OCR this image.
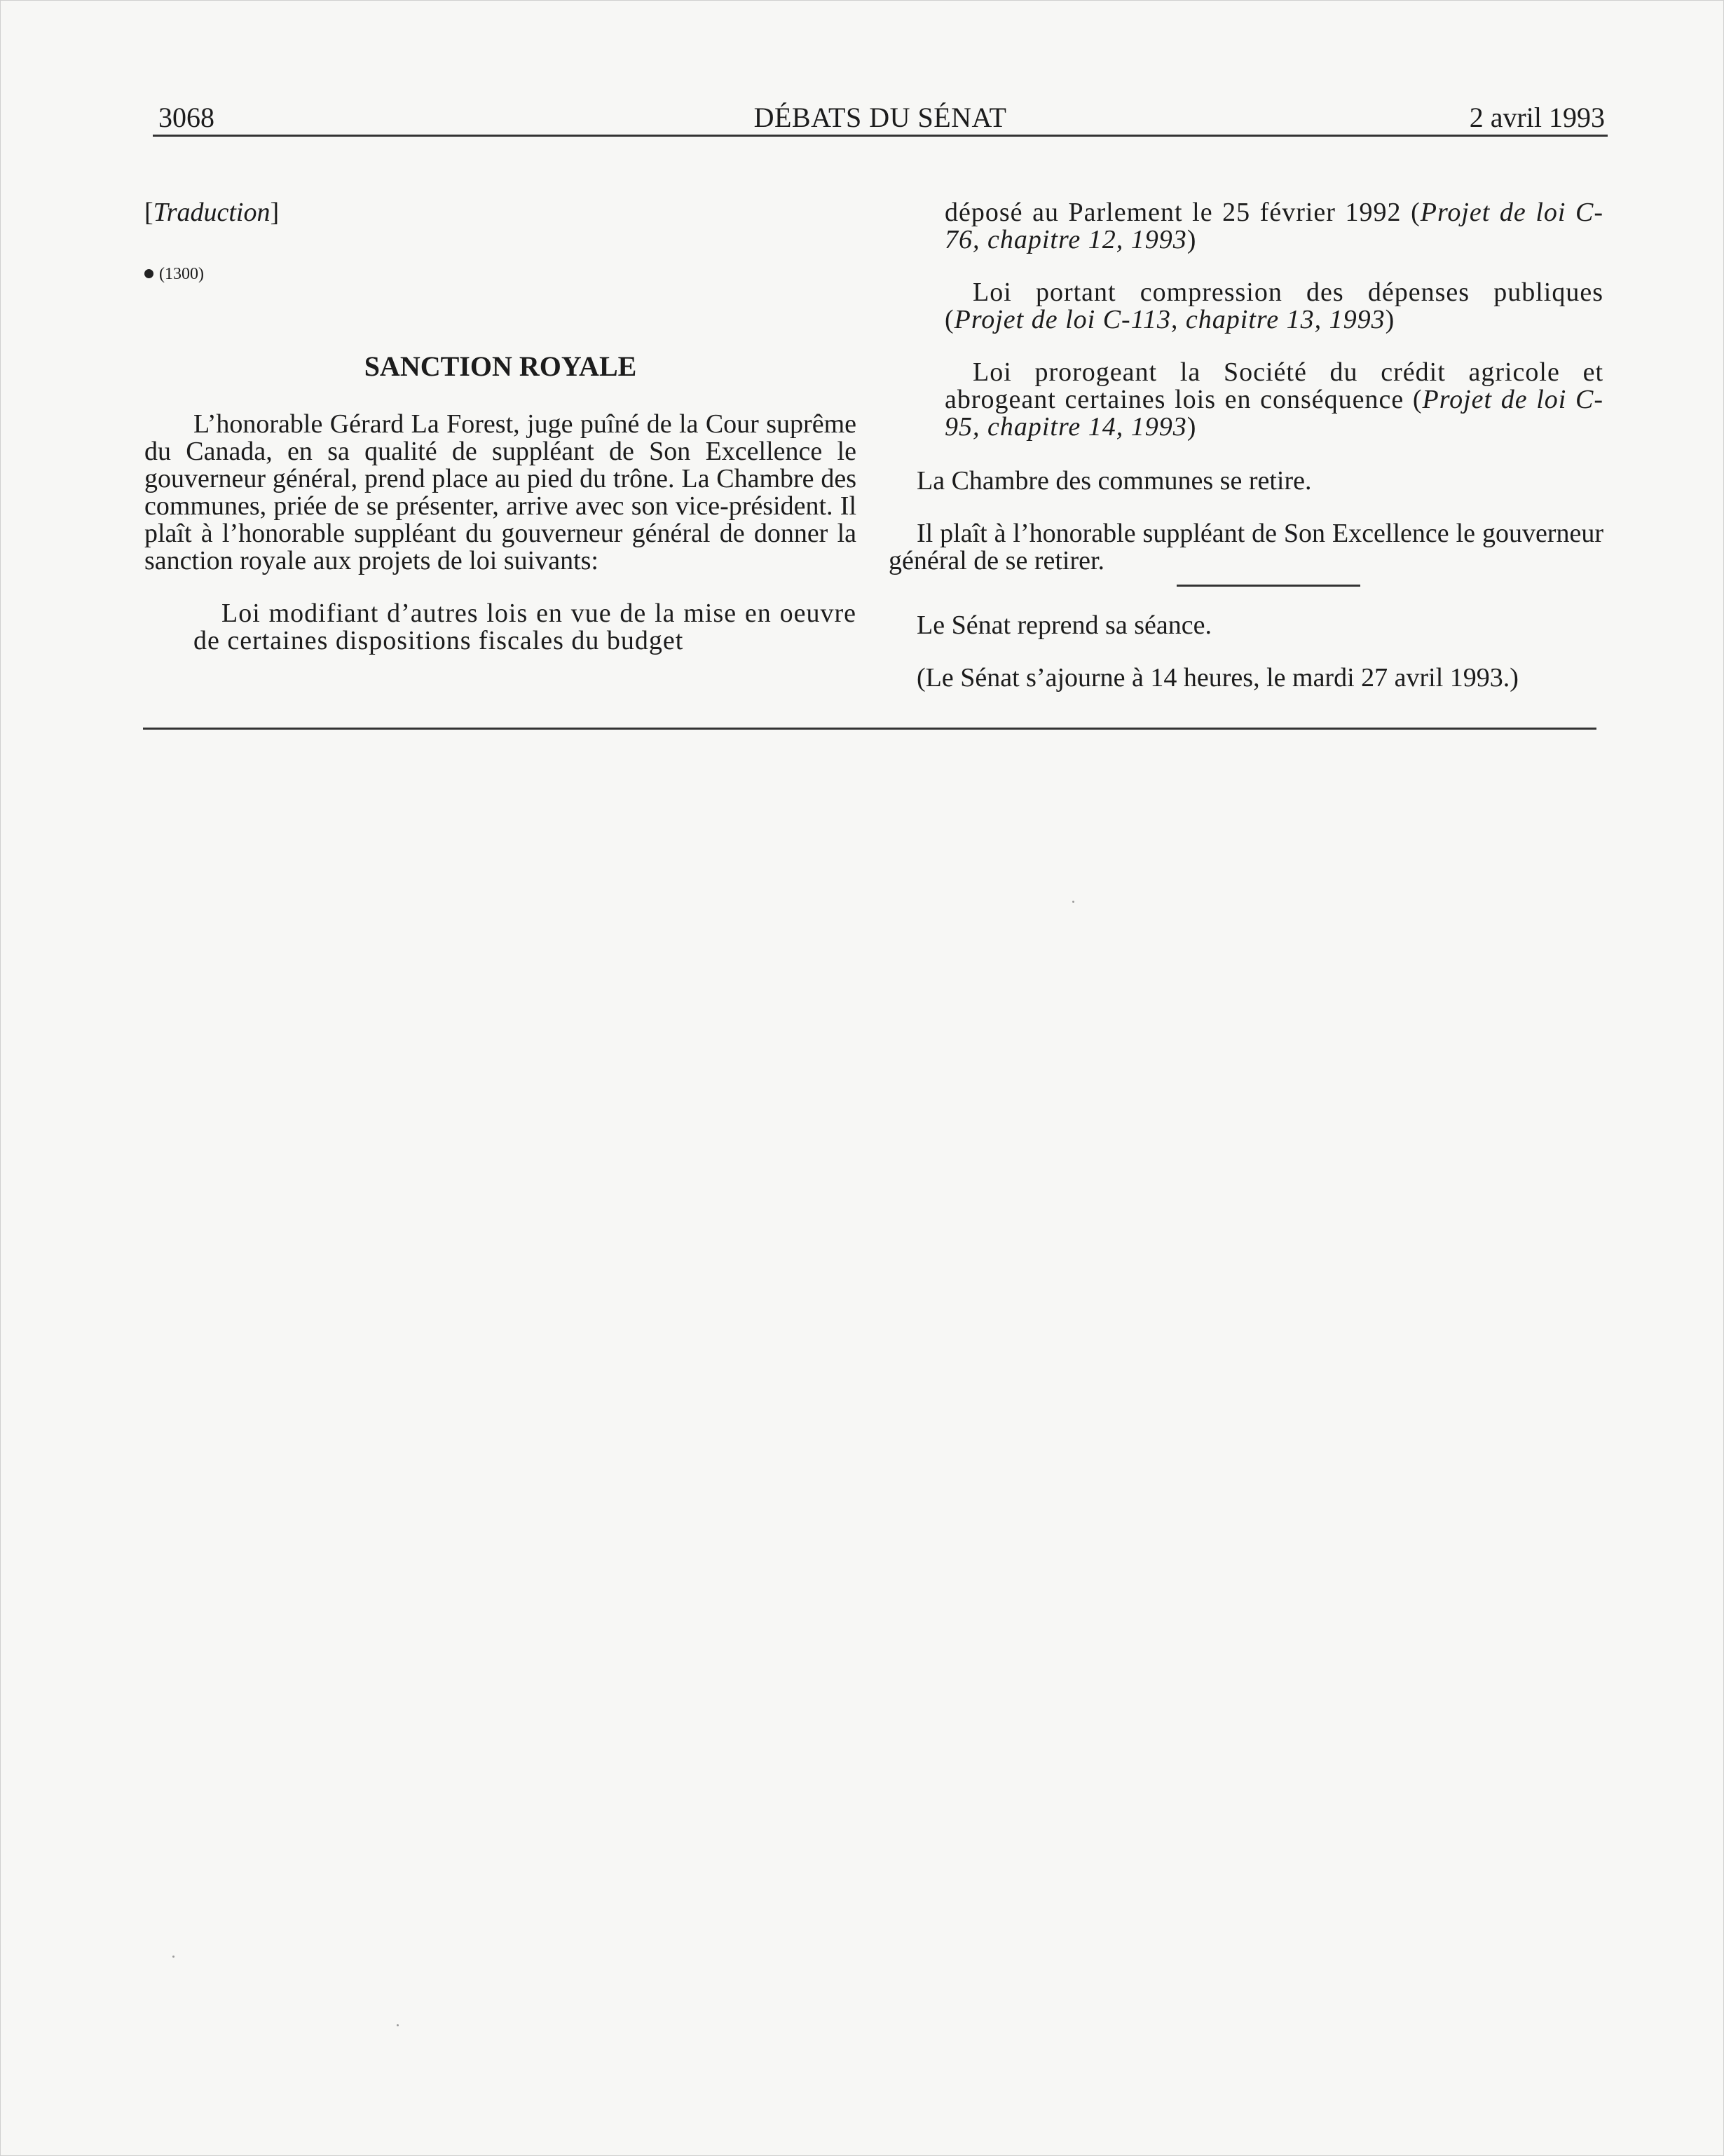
3068	DÉBATS DU SÉNAT	2 avril 1993

[Traduction]

(1300)

SANCTION ROYALE

L’honorable Gérard La Forest, juge puîné de la Cour suprême du Canada, en sa qualité de suppléant de Son Excellence le gouverneur général, prend place au pied du trône. La Chambre des communes, priée de se présenter, arrive avec son vice-président. Il plaît à l’honorable suppléant du gouverneur général de donner la sanction royale aux projets de loi suivants:

Loi modifiant d’autres lois en vue de la mise en oeuvre de certaines dispositions fiscales du budget

déposé au Parlement le 25 février 1992 (Projet de loi C-76, chapitre 12, 1993)

Loi portant compression des dépenses publiques (Projet de loi C-113, chapitre 13, 1993)

Loi prorogeant la Société du crédit agricole et abrogeant certaines lois en conséquence (Projet de loi C-95, chapitre 14, 1993)

La Chambre des communes se retire.

Il plaît à l’honorable suppléant de Son Excellence le gouverneur général de se retirer.

Le Sénat reprend sa séance.

(Le Sénat s’ajourne à 14 heures, le mardi 27 avril 1993.)
